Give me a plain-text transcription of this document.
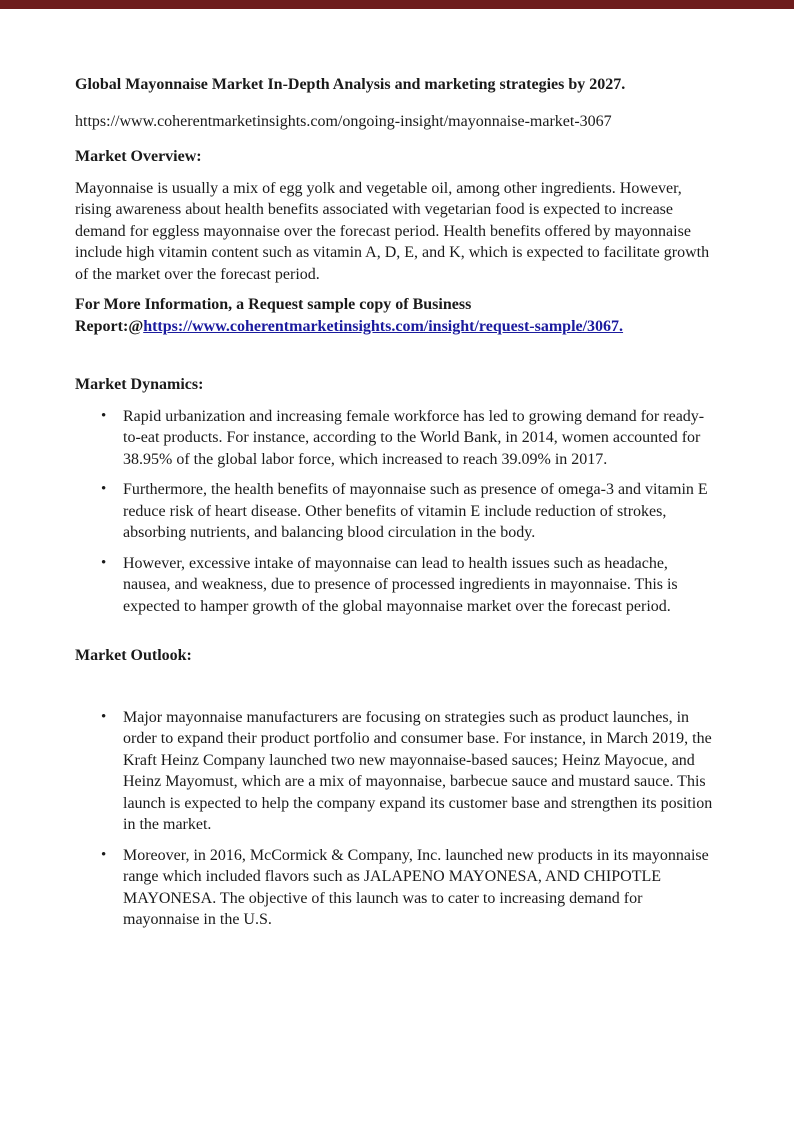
Global Mayonnaise Market In-Depth Analysis and marketing strategies by 2027.

https://www.coherentmarketinsights.com/ongoing-insight/mayonnaise-market-3067

Market Overview:

Mayonnaise is usually a mix of egg yolk and vegetable oil, among other ingredients. However, rising awareness about health benefits associated with vegetarian food is expected to increase demand for eggless mayonnaise over the forecast period. Health benefits offered by mayonnaise include high vitamin content such as vitamin A, D, E, and K, which is expected to facilitate growth of the market over the forecast period.

For More Information, a Request sample copy of Business
Report:@https://www.coherentmarketinsights.com/insight/request-sample/3067.

Market Dynamics:
• Rapid urbanization and increasing female workforce has led to growing demand for ready-to-eat products. For instance, according to the World Bank, in 2014, women accounted for 38.95% of the global labor force, which increased to reach 39.09% in 2017.
• Furthermore, the health benefits of mayonnaise such as presence of omega-3 and vitamin E reduce risk of heart disease. Other benefits of vitamin E include reduction of strokes, absorbing nutrients, and balancing blood circulation in the body.
• However, excessive intake of mayonnaise can lead to health issues such as headache, nausea, and weakness, due to presence of processed ingredients in mayonnaise. This is expected to hamper growth of the global mayonnaise market over the forecast period.
Market Outlook:
• Major mayonnaise manufacturers are focusing on strategies such as product launches, in order to expand their product portfolio and consumer base. For instance, in March 2019, the Kraft Heinz Company launched two new mayonnaise-based sauces; Heinz Mayocue, and Heinz Mayomust, which are a mix of mayonnaise, barbecue sauce and mustard sauce. This launch is expected to help the company expand its customer base and strengthen its position in the market.
• Moreover, in 2016, McCormick & Company, Inc. launched new products in its mayonnaise range which included flavors such as JALAPENO MAYONESA, AND CHIPOTLE MAYONESA. The objective of this launch was to cater to increasing demand for mayonnaise in the U.S.
